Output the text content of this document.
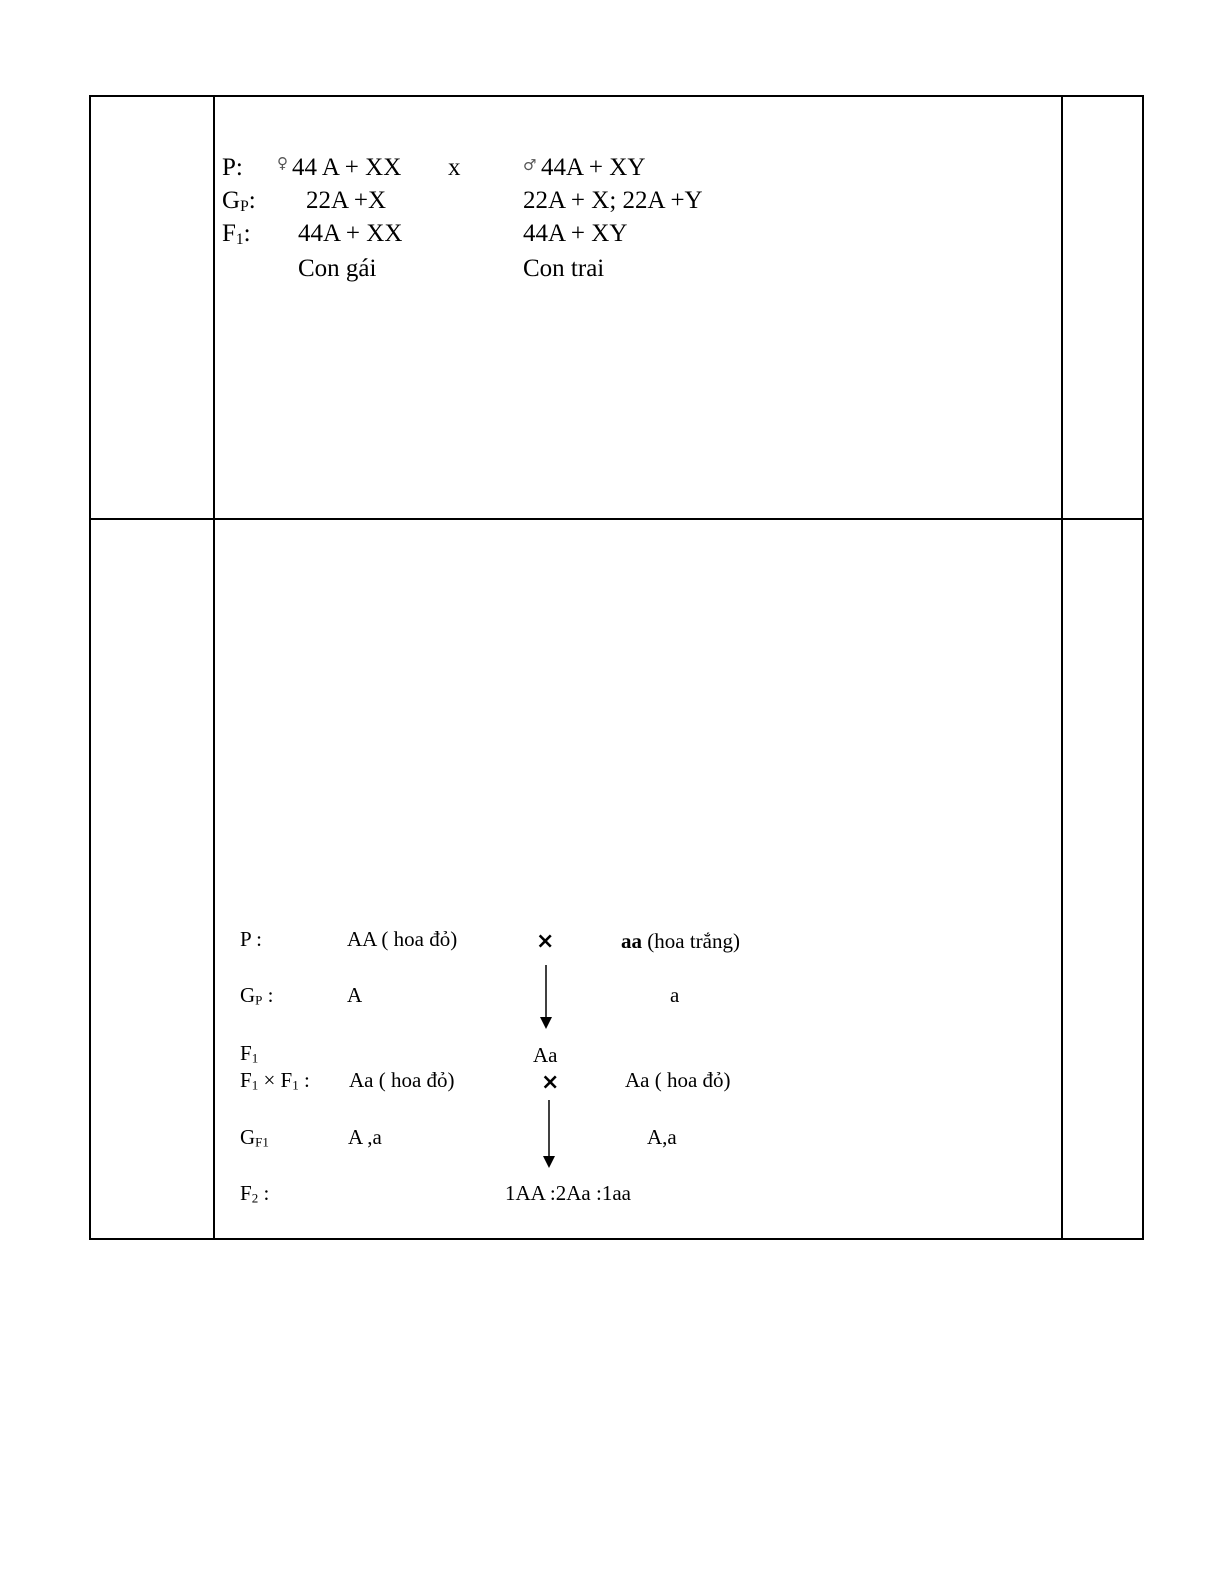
P: ♀ 44 A + XX x	♂ 44A + XY
GP: 22A +X	22A + X; 22A +Y
F1: 44A + XX	44A + XY
Con gái	Con trai
P :	AA ( hoa đỏ)	×	aa (hoa trắng)
GP :	A	a
F1	Aa
F1 × F1 : Aa ( hoa đỏ)	×	Aa ( hoa đỏ)
GF1	A ,a	A,a
F2 :	1AA :2Aa :1aa
